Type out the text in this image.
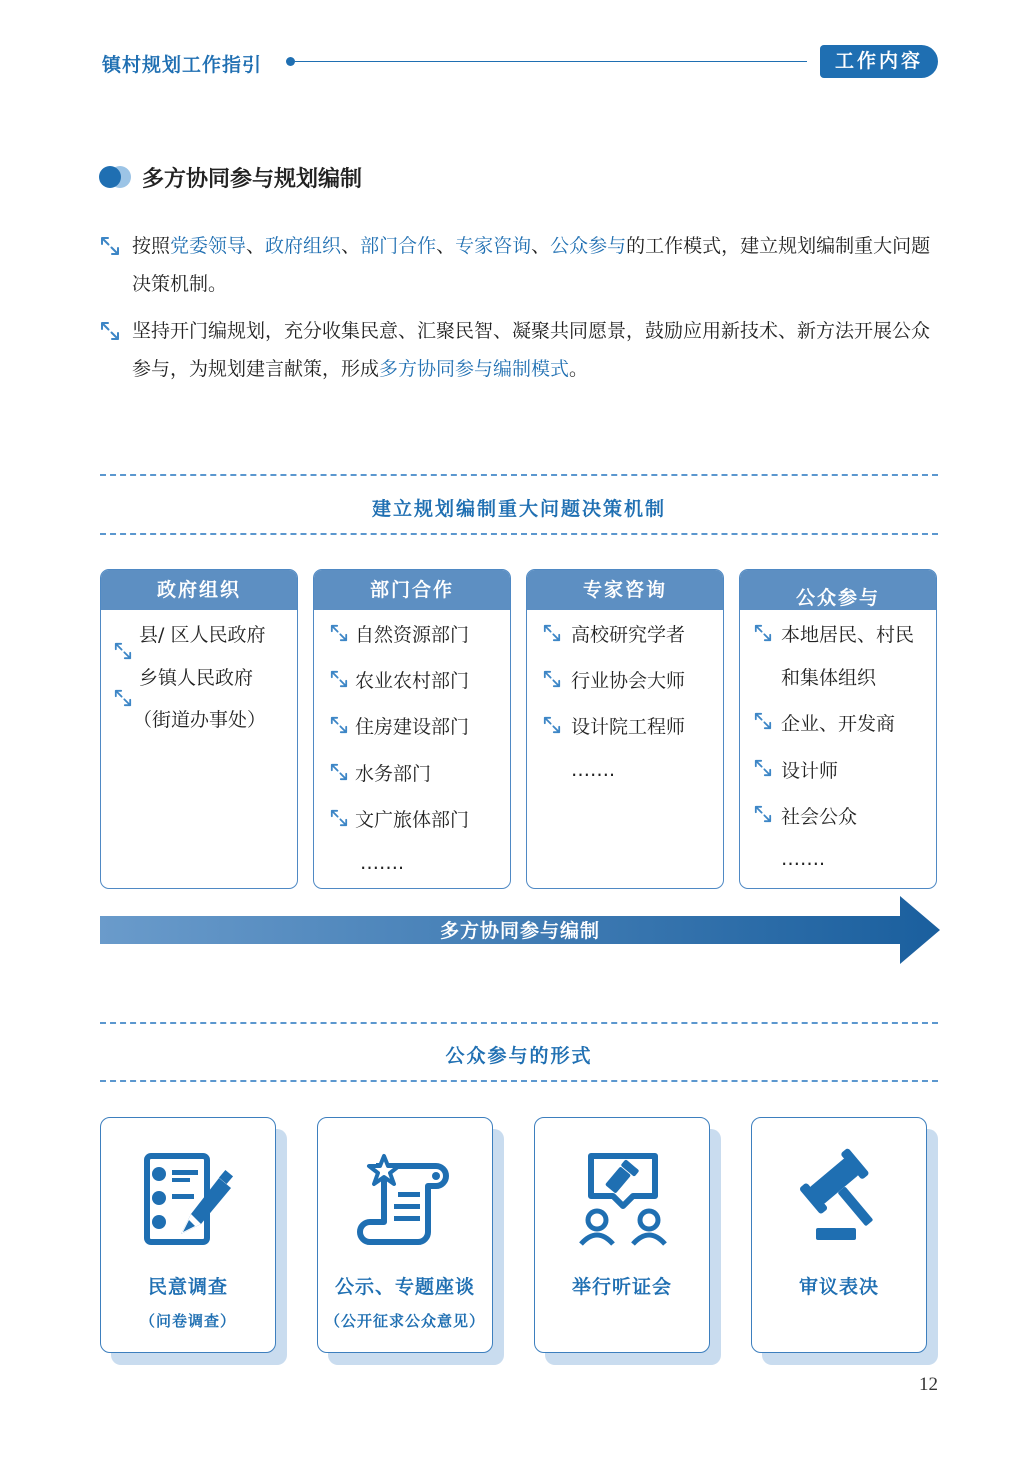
镇村规划工作指引	工作内容
多方协同参与规划编制
按照党委领导、政府组织、部门合作、专家咨询、公众参与的工作模式，建立规划编制重大问题决策机制。
坚持开门编规划，充分收集民意、汇聚民智、凝聚共同愿景，鼓励应用新技术、新方法开展公众参与，为规划建言献策，形成多方协同参与编制模式。
建立规划编制重大问题决策机制
政府组织
县/ 区人民政府
乡镇人民政府
（街道办事处）
部门合作
自然资源部门
农业农村部门
住房建设部门
水务部门
文广旅体部门
…….
专家咨询
高校研究学者
行业协会大师
设计院工程师
…….
公众参与
本地居民、村民
和集体组织
企业、开发商
设计师
社会公众
…….
多方协同参与编制
公众参与的形式
民意调查
（问卷调查）
公示、专题座谈
（公开征求公众意见）
举行听证会	审议表决
12
